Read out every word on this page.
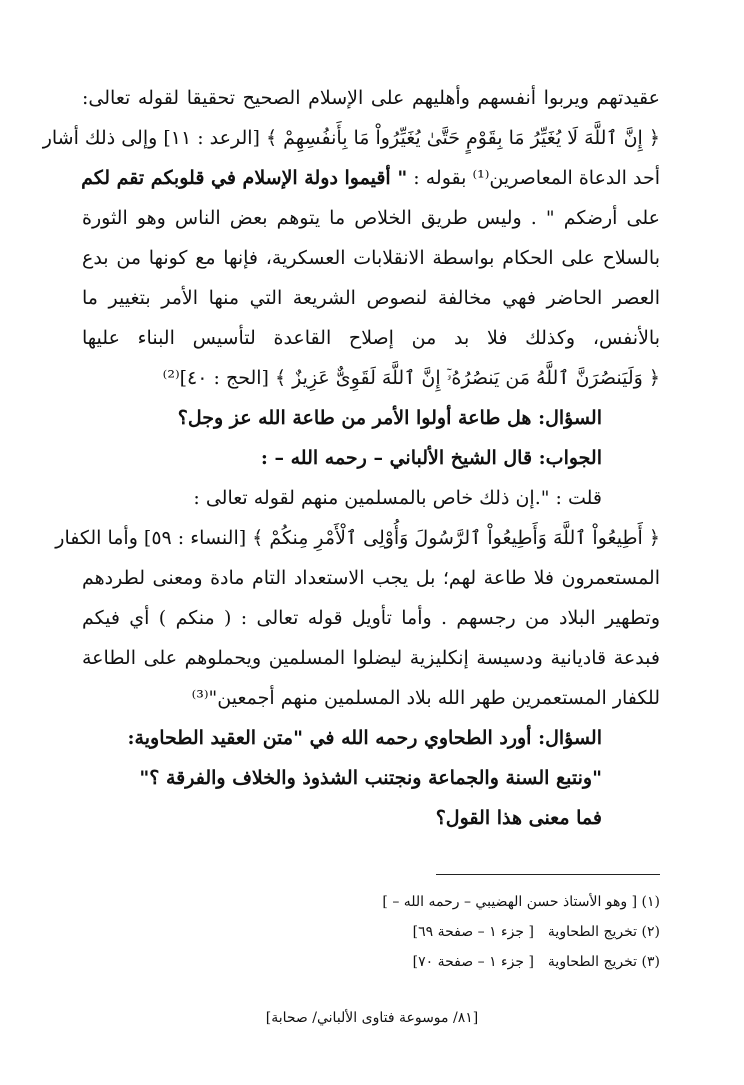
عقيدتهم ويربوا أنفسهم وأهليهم على الإسلام الصحيح تحقيقا لقوله تعالى:
﴿ إِنَّ ٱللَّهَ لَا يُغَيِّرُ مَا بِقَوْمٍ حَتَّىٰ يُغَيِّرُواْ مَا بِأَنفُسِهِمْ ﴾ [الرعد : ١١] وإلى ذلك أشار
أحد الدعاة المعاصرين⁽¹⁾ بقوله : " أقيموا دولة الإسلام في قلوبكم تقم لكم
على أرضكم " . وليس طريق الخلاص ما يتوهم بعض الناس وهو الثورة
بالسلاح على الحكام بواسطة الانقلابات العسكرية، فإنها مع كونها من بدع
العصر الحاضر فهي مخالفة لنصوص الشريعة التي منها الأمر بتغيير ما
بالأنفس، وكذلك فلا بد من إصلاح القاعدة لتأسيس البناء عليها
﴿ وَلَيَنصُرَنَّ ٱللَّهُ مَن يَنصُرُهُۥٓ إِنَّ ٱللَّهَ لَقَوِىٌّ عَزِيزٌ ﴾ [الحج : ٤٠]⁽²⁾
السؤال: هل طاعة أولوا الأمر من طاعة الله عز وجل؟
الجواب: قال الشيخ الألباني – رحمه الله – :
قلت : ".إن ذلك خاص بالمسلمين منهم لقوله تعالى :
﴿ أَطِيعُواْ ٱللَّهَ وَأَطِيعُواْ ٱلرَّسُولَ وَأُوْلِى ٱلْأَمْرِ مِنكُمْ ﴾ [النساء : ٥٩] وأما الكفار
المستعمرون فلا طاعة لهم؛ بل يجب الاستعداد التام مادة ومعنى لطردهم
وتطهير البلاد من رجسهم . وأما تأويل قوله تعالى : ( منكم ) أي فيكم
فبدعة قاديانية ودسيسة إنكليزية ليضلوا المسلمين ويحملوهم على الطاعة
للكفار المستعمرين طهر الله بلاد المسلمين منهم أجمعين"⁽³⁾
السؤال: أورد الطحاوي رحمه الله في "متن العقيد الطحاوية:
"ونتبع السنة والجماعة ونجتنب الشذوذ والخلاف والفرقة ؟"
فما معنى هذا القول؟
(١) [ وهو الأستاذ حسن الهضيبي – رحمه الله – ]
(٢) تخريج الطحاوية[ جزء ١ – صفحة ٦٩]
(٣) تخريج الطحاوية[ جزء ١ – صفحة ٧٠]
[٨١/ موسوعة فتاوى الألباني/ صحابة]
